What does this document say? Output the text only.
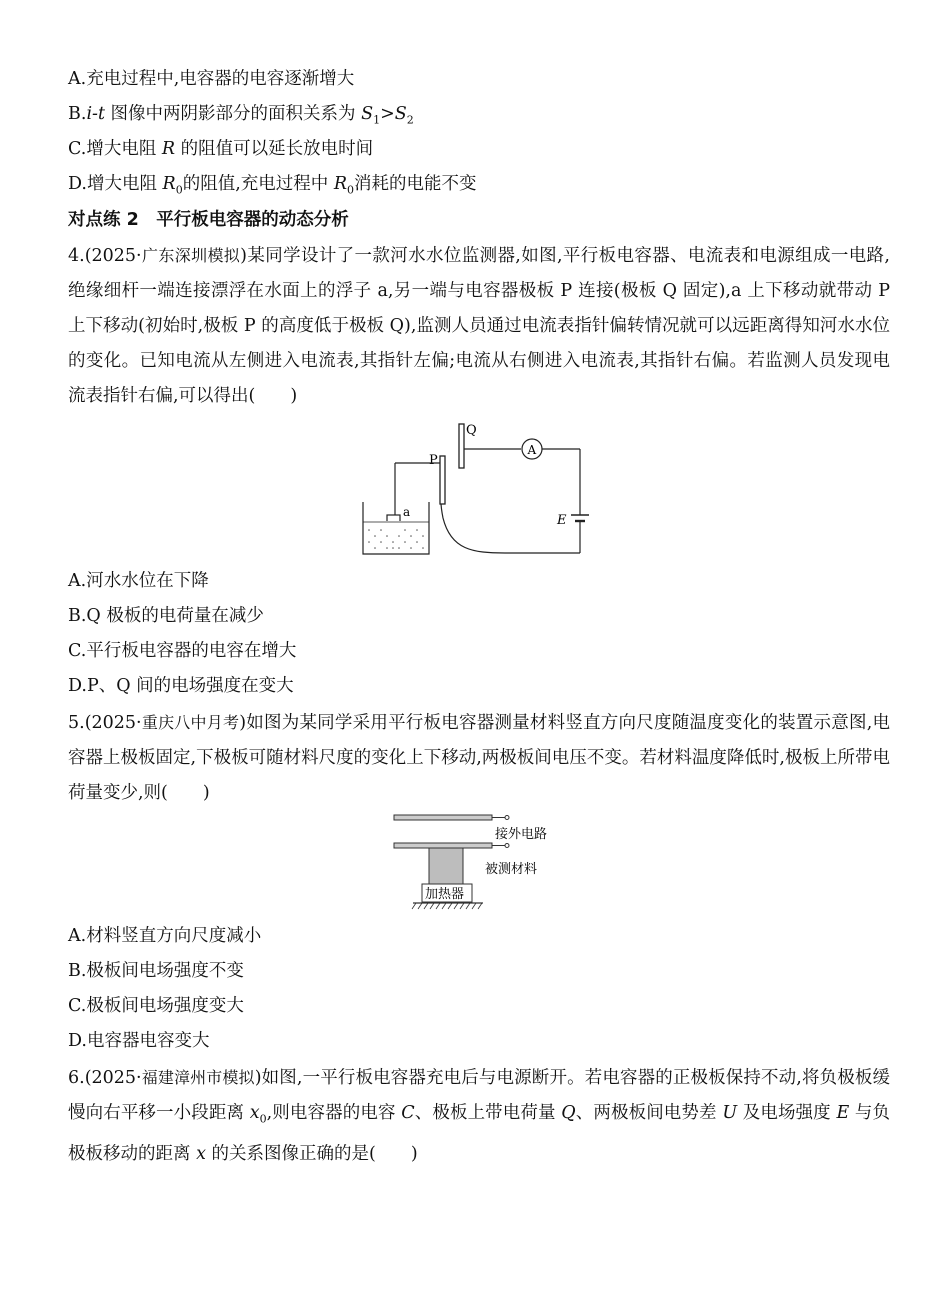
A.充电过程中,电容器的电容逐渐增大
B.i-t 图像中两阴影部分的面积关系为 $S_1>S_2$
C.增大电阻 R 的阻值可以延长放电时间
D.增大电阻 $R_0$的阻值,充电过程中 $R_0$消耗的电能不变
对点练 2　平行板电容器的动态分析
4.(2025·广东深圳模拟)某同学设计了一款河水水位监测器,如图,平行板电容器、电流表和电源组成一电路,绝缘细杆一端连接漂浮在水面上的浮子 a,另一端与电容器极板 P 连接(极板 Q 固定),a 上下移动就带动 P 上下移动(初始时,极板 P 的高度低于极板 Q),监测人员通过电流表指针偏转情况就可以远距离得知河水水位的变化。已知电流从左侧进入电流表,其指针左偏;电流从右侧进入电流表,其指针右偏。若监测人员发现电流表指针右偏,可以得出(　　)
Q
A
E
P
a
A.河水水位在下降
B.Q 极板的电荷量在减少
C.平行板电容器的电容在增大
D.P、Q 间的电场强度在变大
5.(2025·重庆八中月考)如图为某同学采用平行板电容器测量材料竖直方向尺度随温度变化的装置示意图,电容器上极板固定,下极板可随材料尺度的变化上下移动,两极板间电压不变。若材料温度降低时,极板上所带电荷量变少,则(　　)
接外电路
被测材料
加热器
A.材料竖直方向尺度减小
B.极板间电场强度不变
C.极板间电场强度变大
D.电容器电容变大
6.(2025·福建漳州市模拟)如图,一平行板电容器充电后与电源断开。若电容器的正极板保持不动,将负极板缓慢向右平移一小段距离 $x_0$,则电容器的电容 C、极板上带电荷量 Q、两极板间电势差 U 及电场强度 E 与负极板移动的距离 x 的关系图像正确的是(　　)
